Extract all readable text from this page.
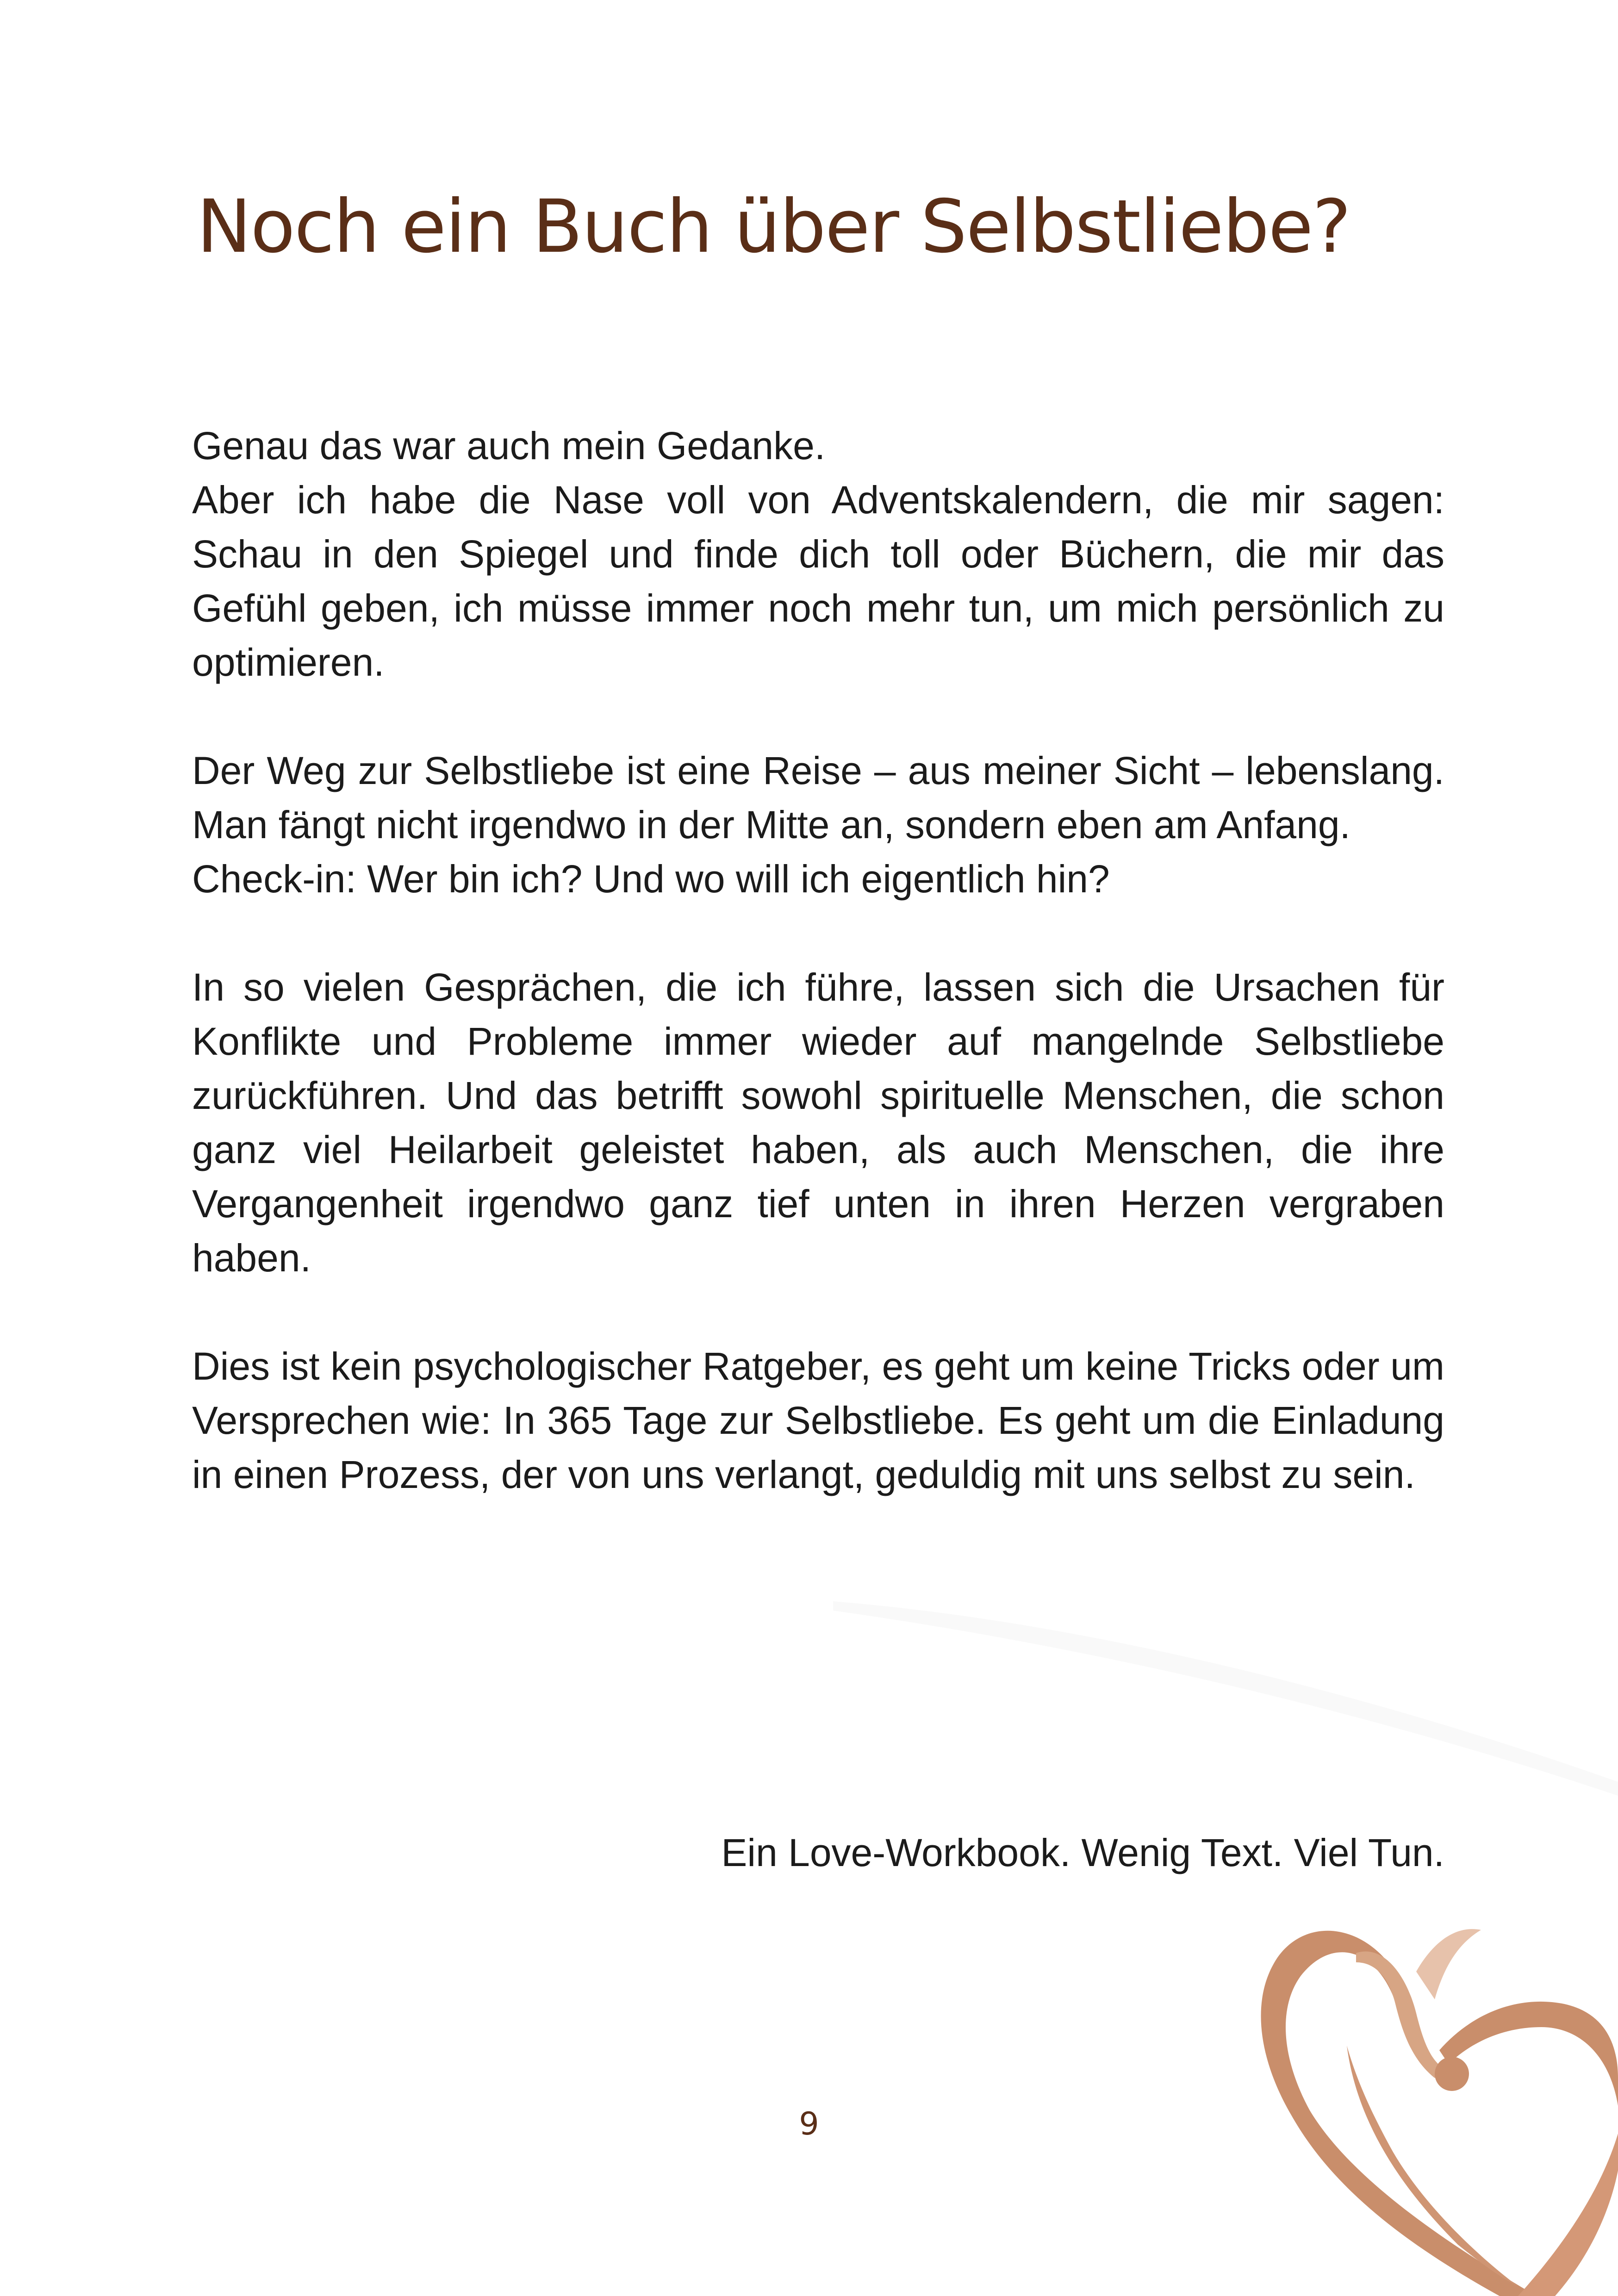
Noch ein Buch über Selbstliebe?

Genau das war auch mein Gedanke.
Aber ich habe die Nase voll von Adventskalendern, die mir sagen: Schau in den Spiegel und finde dich toll oder Büchern, die mir das Gefühl geben, ich müsse immer noch mehr tun, um mich persönlich zu optimieren.

Der Weg zur Selbstliebe ist eine Reise – aus meiner Sicht – lebenslang. Man fängt nicht irgendwo in der Mitte an, sondern eben am Anfang.
Check-in: Wer bin ich? Und wo will ich eigentlich hin?

In so vielen Gesprächen, die ich führe, lassen sich die Ursachen für Konflikte und Probleme immer wieder auf mangelnde Selbstliebe zurückführen. Und das betrifft sowohl spirituelle Menschen, die schon ganz viel Heilarbeit geleistet haben, als auch Menschen, die ihre Vergangenheit irgendwo ganz tief unten in ihren Herzen vergraben haben.

Dies ist kein psychologischer Ratgeber, es geht um keine Tricks oder um Versprechen wie: In 365 Tage zur Selbstliebe. Es geht um die Einladung in einen Prozess, der von uns verlangt, geduldig mit uns selbst zu sein.

Ein Love-Workbook. Wenig Text. Viel Tun.
9
